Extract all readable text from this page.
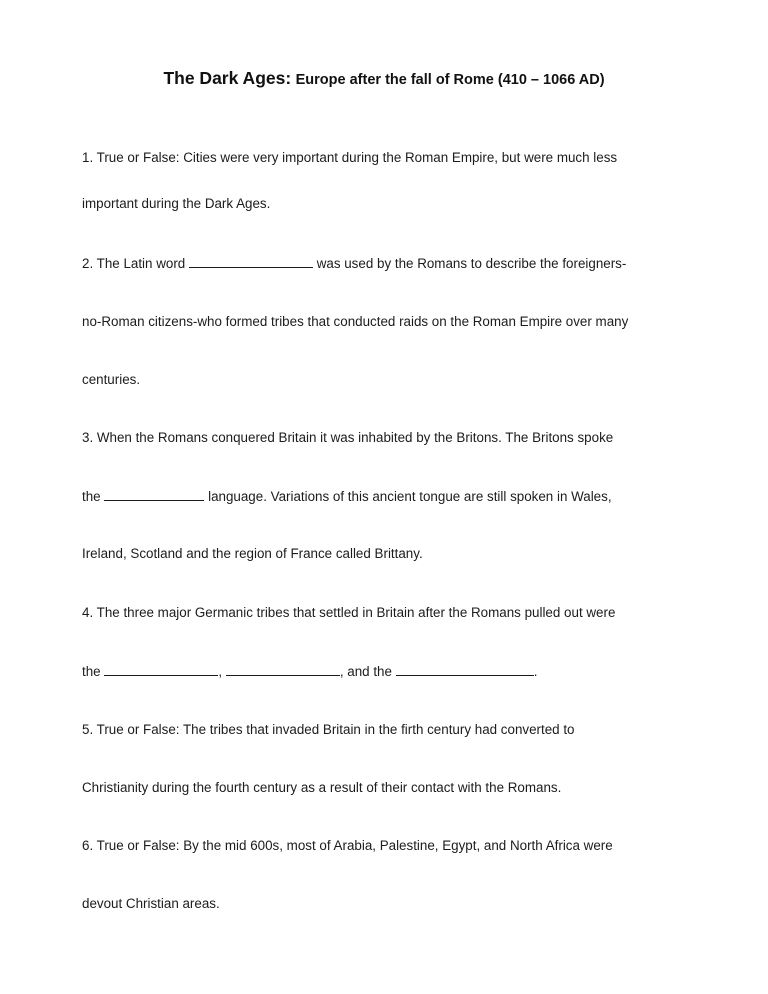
The Dark Ages: Europe after the fall of Rome (410 – 1066 AD)
1. True or False: Cities were very important during the Roman Empire, but were much less
important during the Dark Ages.
2. The Latin word	was used by the Romans to describe the foreigners-
no-Roman citizens-who formed tribes that conducted raids on the Roman Empire over many
centuries.
3. When the Romans conquered Britain it was inhabited by the Britons. The Britons spoke
the	language. Variations of this ancient tongue are still spoken in Wales,
Ireland, Scotland and the region of France called Brittany.
4. The three major Germanic tribes that settled in Britain after the Romans pulled out were
the	,	, and the	.
5. True or False: The tribes that invaded Britain in the firth century had converted to
Christianity during the fourth century as a result of their contact with the Romans.
6. True or False: By the mid 600s, most of Arabia, Palestine, Egypt, and North Africa were
devout Christian areas.
